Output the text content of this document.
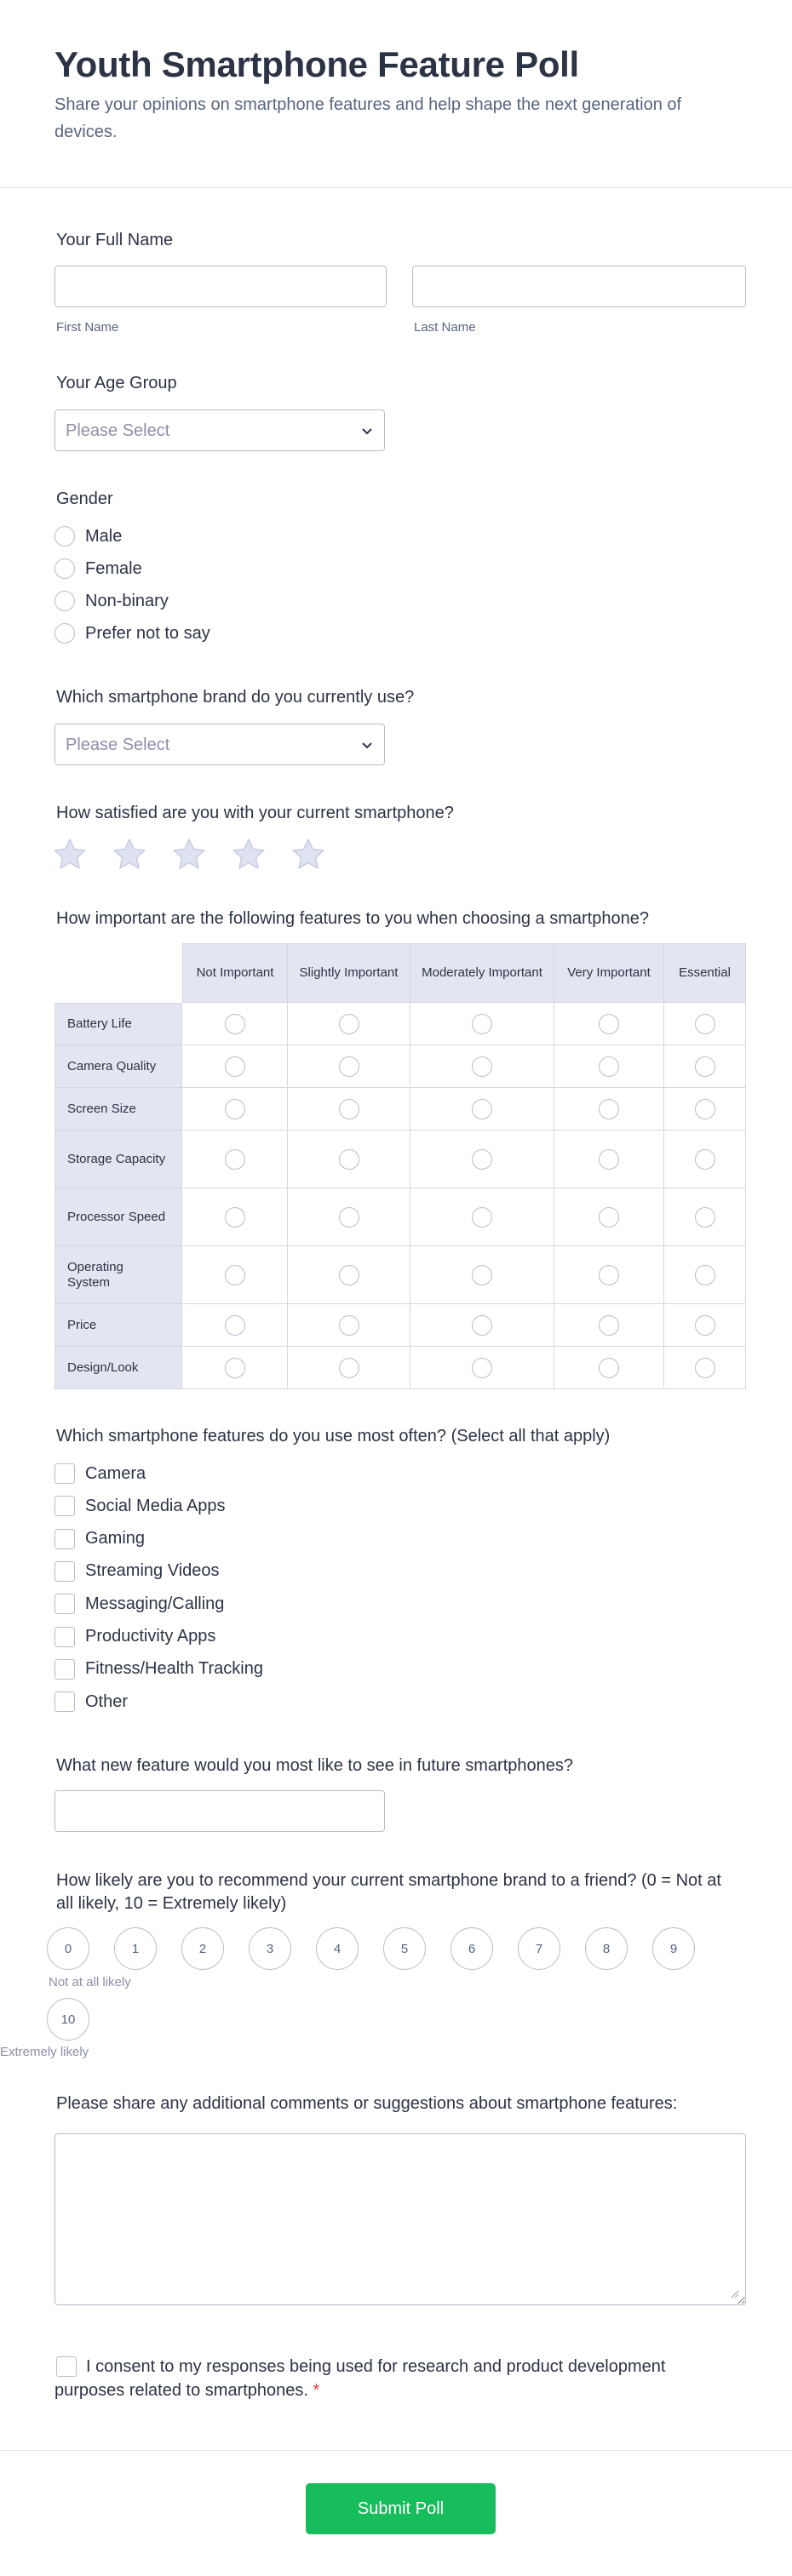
Youth Smartphone Feature Poll

Share your opinions on smartphone features and help shape the next generation of devices.

Your Full Name
First Name	Last Name
Your Age Group
Please Select
Gender
Male
Female
Non-binary
Prefer not to say
Which smartphone brand do you currently use?
Please Select
How satisfied are you with your current smartphone?
How important are the following features to you when choosing a smartphone?
Not Important	Slightly Important	Moderately Important	Very Important	Essential
Battery Life
Camera Quality
Screen Size
Storage Capacity
Processor Speed
Operating System
Price
Design/Look
Which smartphone features do you use most often? (Select all that apply)
Camera
Social Media Apps
Gaming
Streaming Videos
Messaging/Calling
Productivity Apps
Fitness/Health Tracking
Other
What new feature would you most like to see in future smartphones?
How likely are you to recommend your current smartphone brand to a friend? (0 = Not at all likely, 10 = Extremely likely)
0	1	2	3	4	5	6	7	8	9
10
Not at all likely
Extremely likely
Please share any additional comments or suggestions about smartphone features:
I consent to my responses being used for research and product development purposes related to smartphones. *
Submit Poll
